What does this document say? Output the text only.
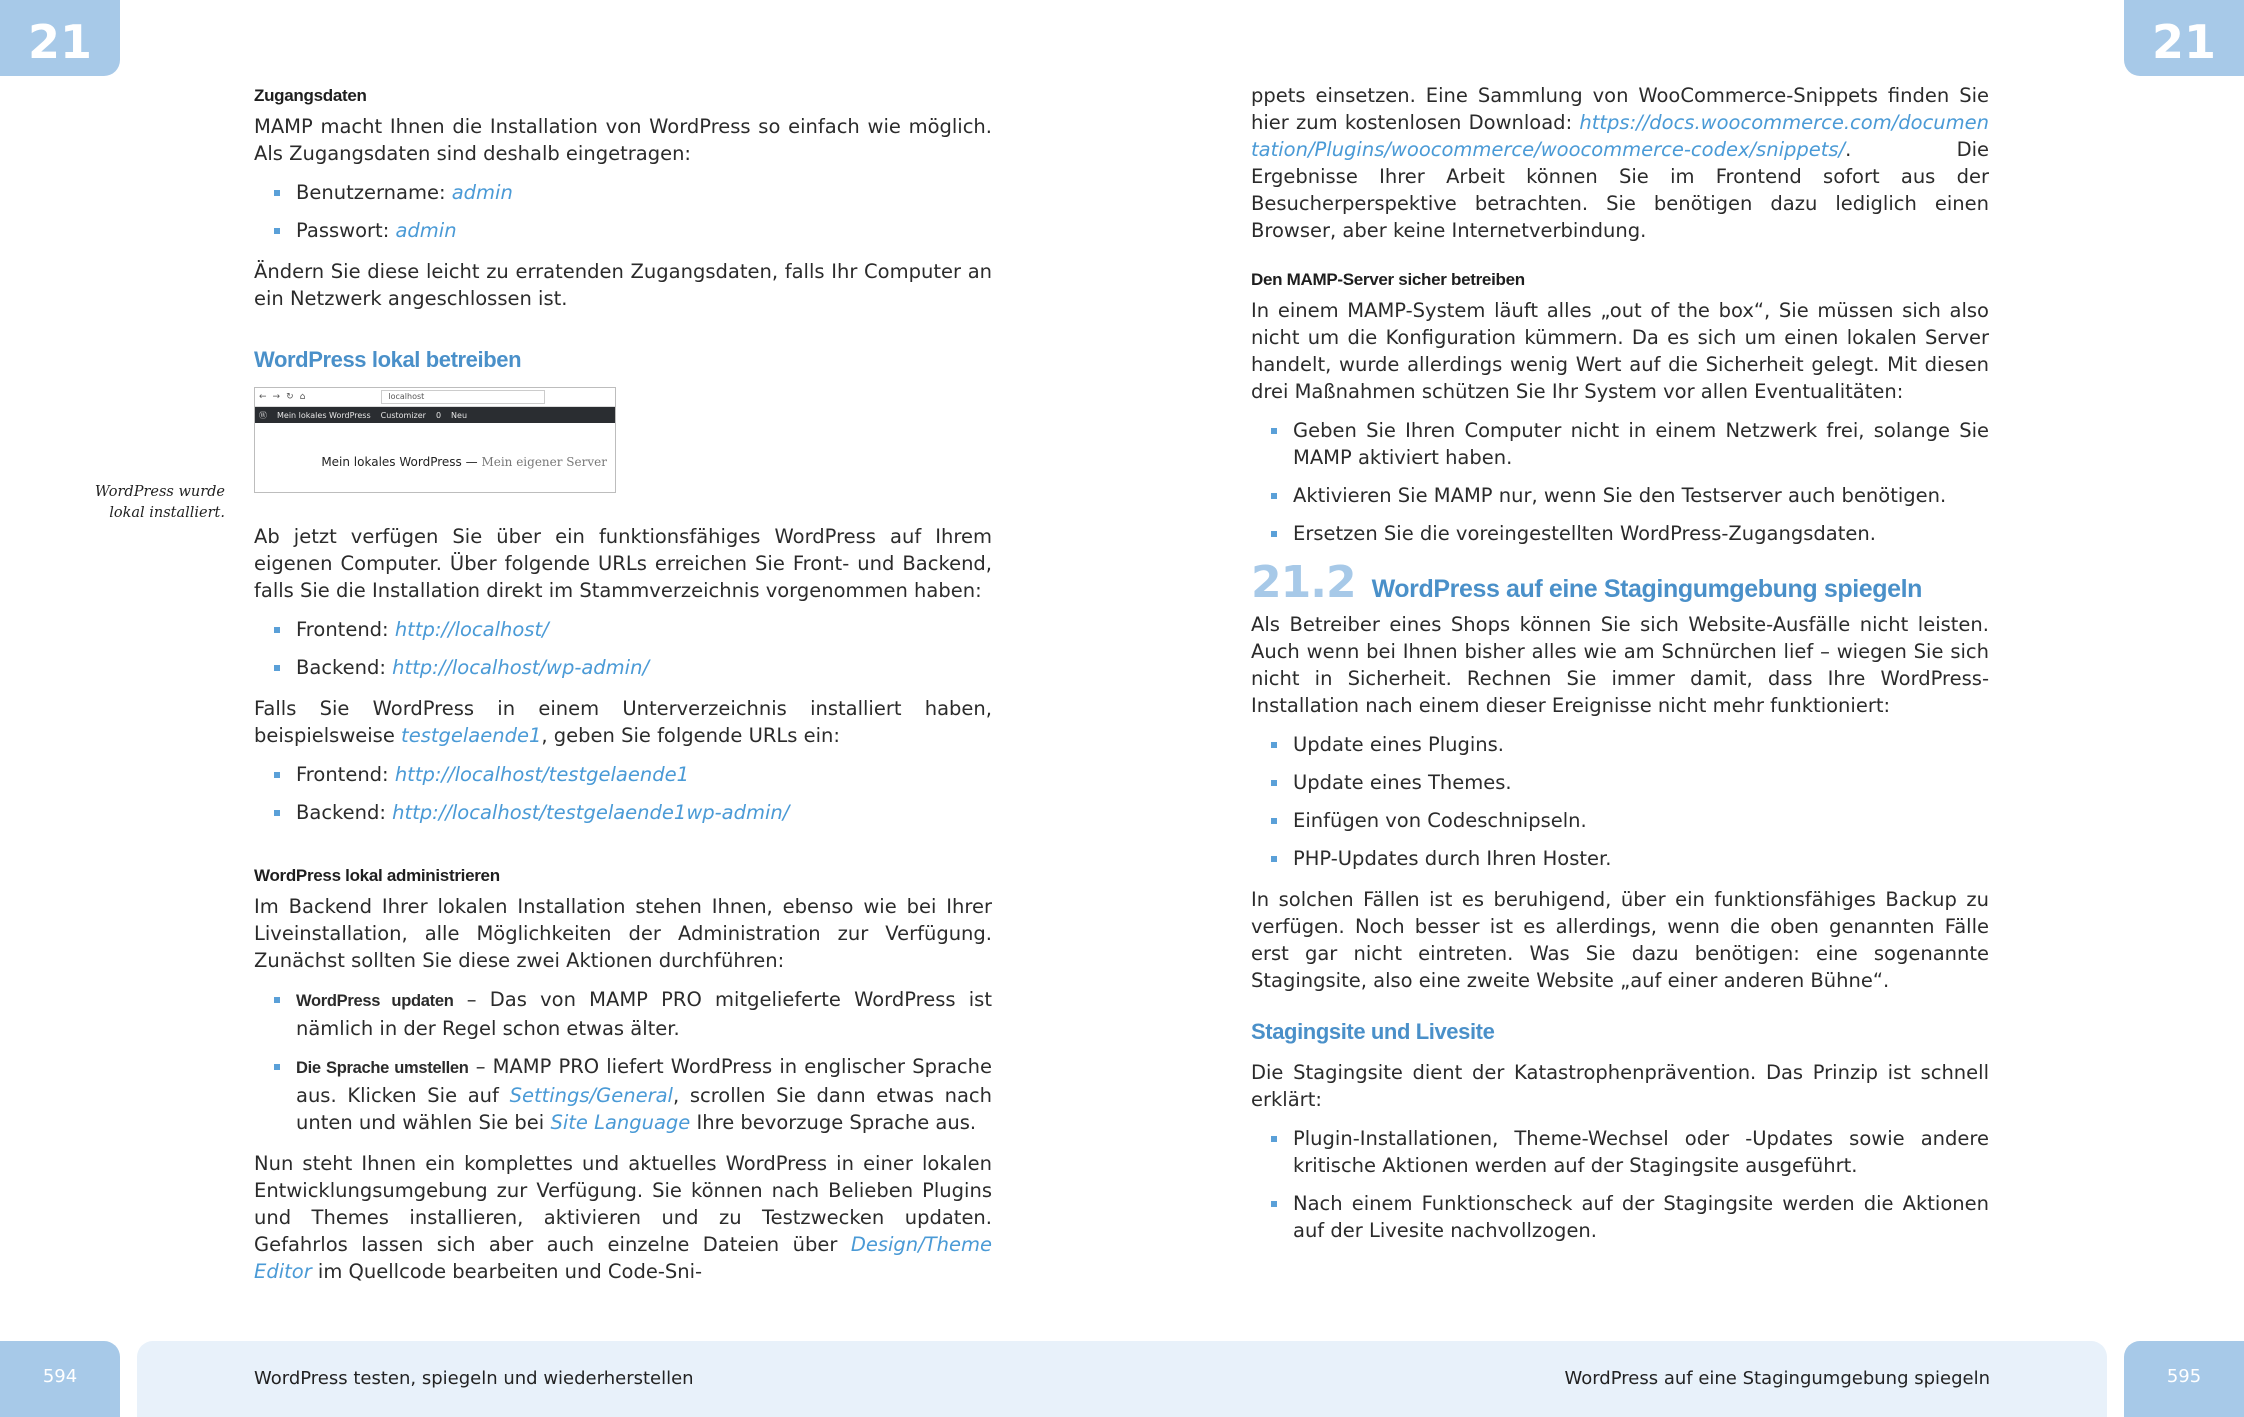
21	21
WordPress wurde lokal installiert.
Zugangsdaten

MAMP macht Ihnen die Installation von WordPress so einfach wie möglich. Als Zugangsdaten sind deshalb eingetragen:

Benutzername: admin
Passwort: admin

Ändern Sie diese leicht zu erratenden Zugangsdaten, falls Ihr Computer an ein Netzwerk angeschlossen ist.

WordPress lokal betreiben
← → ↻ ⌂	localhost
Ⓦ Mein lokales WordPress Customizer 0 Neu
Mein lokales WordPress — Mein eigener Server

Ab jetzt verfügen Sie über ein funktionsfähiges WordPress auf Ihrem eigenen Computer. Über folgende URLs erreichen Sie Front- und Backend, falls Sie die Installation direkt im Stammverzeichnis vorgenommen haben:

Frontend: http://localhost/
Backend: http://localhost/wp-admin/

Falls Sie WordPress in einem Unterverzeichnis installiert haben, beispielsweise testgelaende1, geben Sie folgende URLs ein:

Frontend: http://localhost/testgelaende1
Backend: http://localhost/testgelaende1wp-admin/
WordPress lokal administrieren

Im Backend Ihrer lokalen Installation stehen Ihnen, ebenso wie bei Ihrer Liveinstallation, alle Möglichkeiten der Administration zur Verfügung. Zunächst sollten Sie diese zwei Aktionen durchführen:

WordPress updaten – Das von MAMP PRO mitgelieferte WordPress ist nämlich in der Regel schon etwas älter.
Die Sprache umstellen – MAMP PRO liefert WordPress in englischer Sprache aus. Klicken Sie auf Settings/General, scrollen Sie dann etwas nach unten und wählen Sie bei Site Language Ihre bevorzuge Sprache aus.

Nun steht Ihnen ein komplettes und aktuelles WordPress in einer lokalen Entwicklungsumgebung zur Verfügung. Sie können nach Belieben Plugins und Themes installieren, aktivieren und zu Testzwecken updaten. Gefahrlos lassen sich aber auch einzelne Dateien über Design/Theme Editor im Quellcode bearbeiten und Code-Sni-

ppets einsetzen. Eine Sammlung von WooCommerce-Snippets finden Sie hier zum kostenlosen Download: https://docs.woocommerce.com/documentation/Plugins/woocommerce/woocommerce-codex/snippets/. Die Ergebnisse Ihrer Arbeit können Sie im Frontend sofort aus der Besucherperspektive betrachten. Sie benötigen dazu lediglich einen Browser, aber keine Internetverbindung.

Den MAMP-Server sicher betreiben

In einem MAMP-System läuft alles „out of the box“, Sie müssen sich also nicht um die Konfiguration kümmern. Da es sich um einen lokalen Server handelt, wurde allerdings wenig Wert auf die Sicherheit gelegt. Mit diesen drei Maßnahmen schützen Sie Ihr System vor allen Eventualitäten:

Geben Sie Ihren Computer nicht in einem Netzwerk frei, solange Sie MAMP aktiviert haben.
Aktivieren Sie MAMP nur, wenn Sie den Testserver auch benötigen.
Ersetzen Sie die voreingestellten WordPress-Zugangsdaten.
21.2 WordPress auf eine Stagingumgebung spiegeln

Als Betreiber eines Shops können Sie sich Website-Ausfälle nicht leisten. Auch wenn bei Ihnen bisher alles wie am Schnürchen lief – wiegen Sie sich nicht in Sicherheit. Rechnen Sie immer damit, dass Ihre WordPress-Installation nach einem dieser Ereignisse nicht mehr funktioniert:

Update eines Plugins.
Update eines Themes.
Einfügen von Codeschnipseln.
PHP-Updates durch Ihren Hoster.

In solchen Fällen ist es beruhigend, über ein funktionsfähiges Backup zu verfügen. Noch besser ist es allerdings, wenn die oben genannten Fälle erst gar nicht eintreten. Was Sie dazu benötigen: eine sogenannte Stagingsite, also eine zweite Website „auf einer anderen Bühne“.

Stagingsite und Livesite

Die Stagingsite dient der Katastrophenprävention. Das Prinzip ist schnell erklärt:

Plugin-Installationen, Theme-Wechsel oder -Updates sowie andere kritische Aktionen werden auf der Stagingsite ausgeführt.
Nach einem Funktionscheck auf der Stagingsite werden die Aktionen auf der Livesite nachvollzogen.
594	595
WordPress testen, spiegeln und wiederherstellen	WordPress auf eine Stagingumgebung spiegeln
